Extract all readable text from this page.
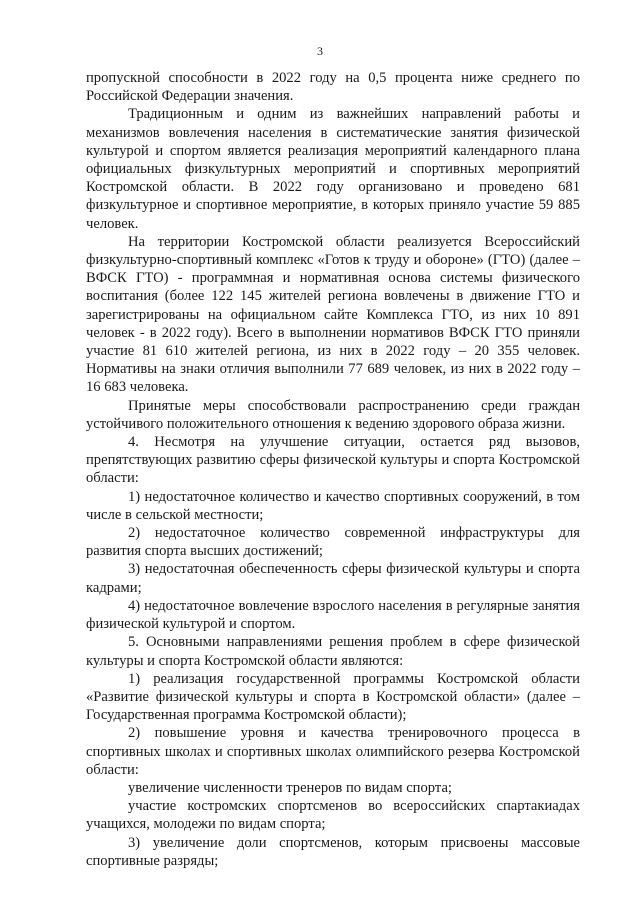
3

пропускной способности в 2022 году на 0,5 процента ниже среднего по Российской Федерации значения.

Традиционным и одним из важнейших направлений работы и механизмов вовлечения населения в систематические занятия физической культурой и спортом является реализация мероприятий календарного плана официальных физкультурных мероприятий и спортивных мероприятий Костромской области. В 2022 году организовано и проведено 681 физкультурное и спортивное мероприятие, в которых приняло участие 59 885 человек.

На территории Костромской области реализуется Всероссийский физкультурно-спортивный комплекс «Готов к труду и обороне» (ГТО) (далее – ВФСК ГТО) - программная и нормативная основа системы физического воспитания (более 122 145 жителей региона вовлечены в движение ГТО и зарегистрированы на официальном сайте Комплекса ГТО, из них 10 891 человек - в 2022 году). Всего в выполнении нормативов ВФСК ГТО приняли участие 81 610 жителей региона, из них в 2022 году – 20 355 человек. Нормативы на знаки отличия выполнили 77 689 человек, из них в 2022 году – 16 683 человека.

Принятые меры способствовали распространению среди граждан устойчивого положительного отношения к ведению здорового образа жизни.

4. Несмотря на улучшение ситуации, остается ряд вызовов, препятствующих развитию сферы физической культуры и спорта Костромской области:

1) недостаточное количество и качество спортивных сооружений, в том числе в сельской местности;

2) недостаточное количество современной инфраструктуры для развития спорта высших достижений;

3) недостаточная обеспеченность сферы физической культуры и спорта кадрами;

4) недостаточное вовлечение взрослого населения в регулярные занятия физической культурой и спортом.

5. Основными направлениями решения проблем в сфере физической культуры и спорта Костромской области являются:

1) реализация государственной программы Костромской области «Развитие физической культуры и спорта в Костромской области» (далее – Государственная программа Костромской области);

2) повышение уровня и качества тренировочного процесса в спортивных школах и спортивных школах олимпийского резерва Костромской области:

увеличение численности тренеров по видам спорта;

участие костромских спортсменов во всероссийских спартакиадах учащихся, молодежи по видам спорта;

3) увеличение доли спортсменов, которым присвоены массовые спортивные разряды;
